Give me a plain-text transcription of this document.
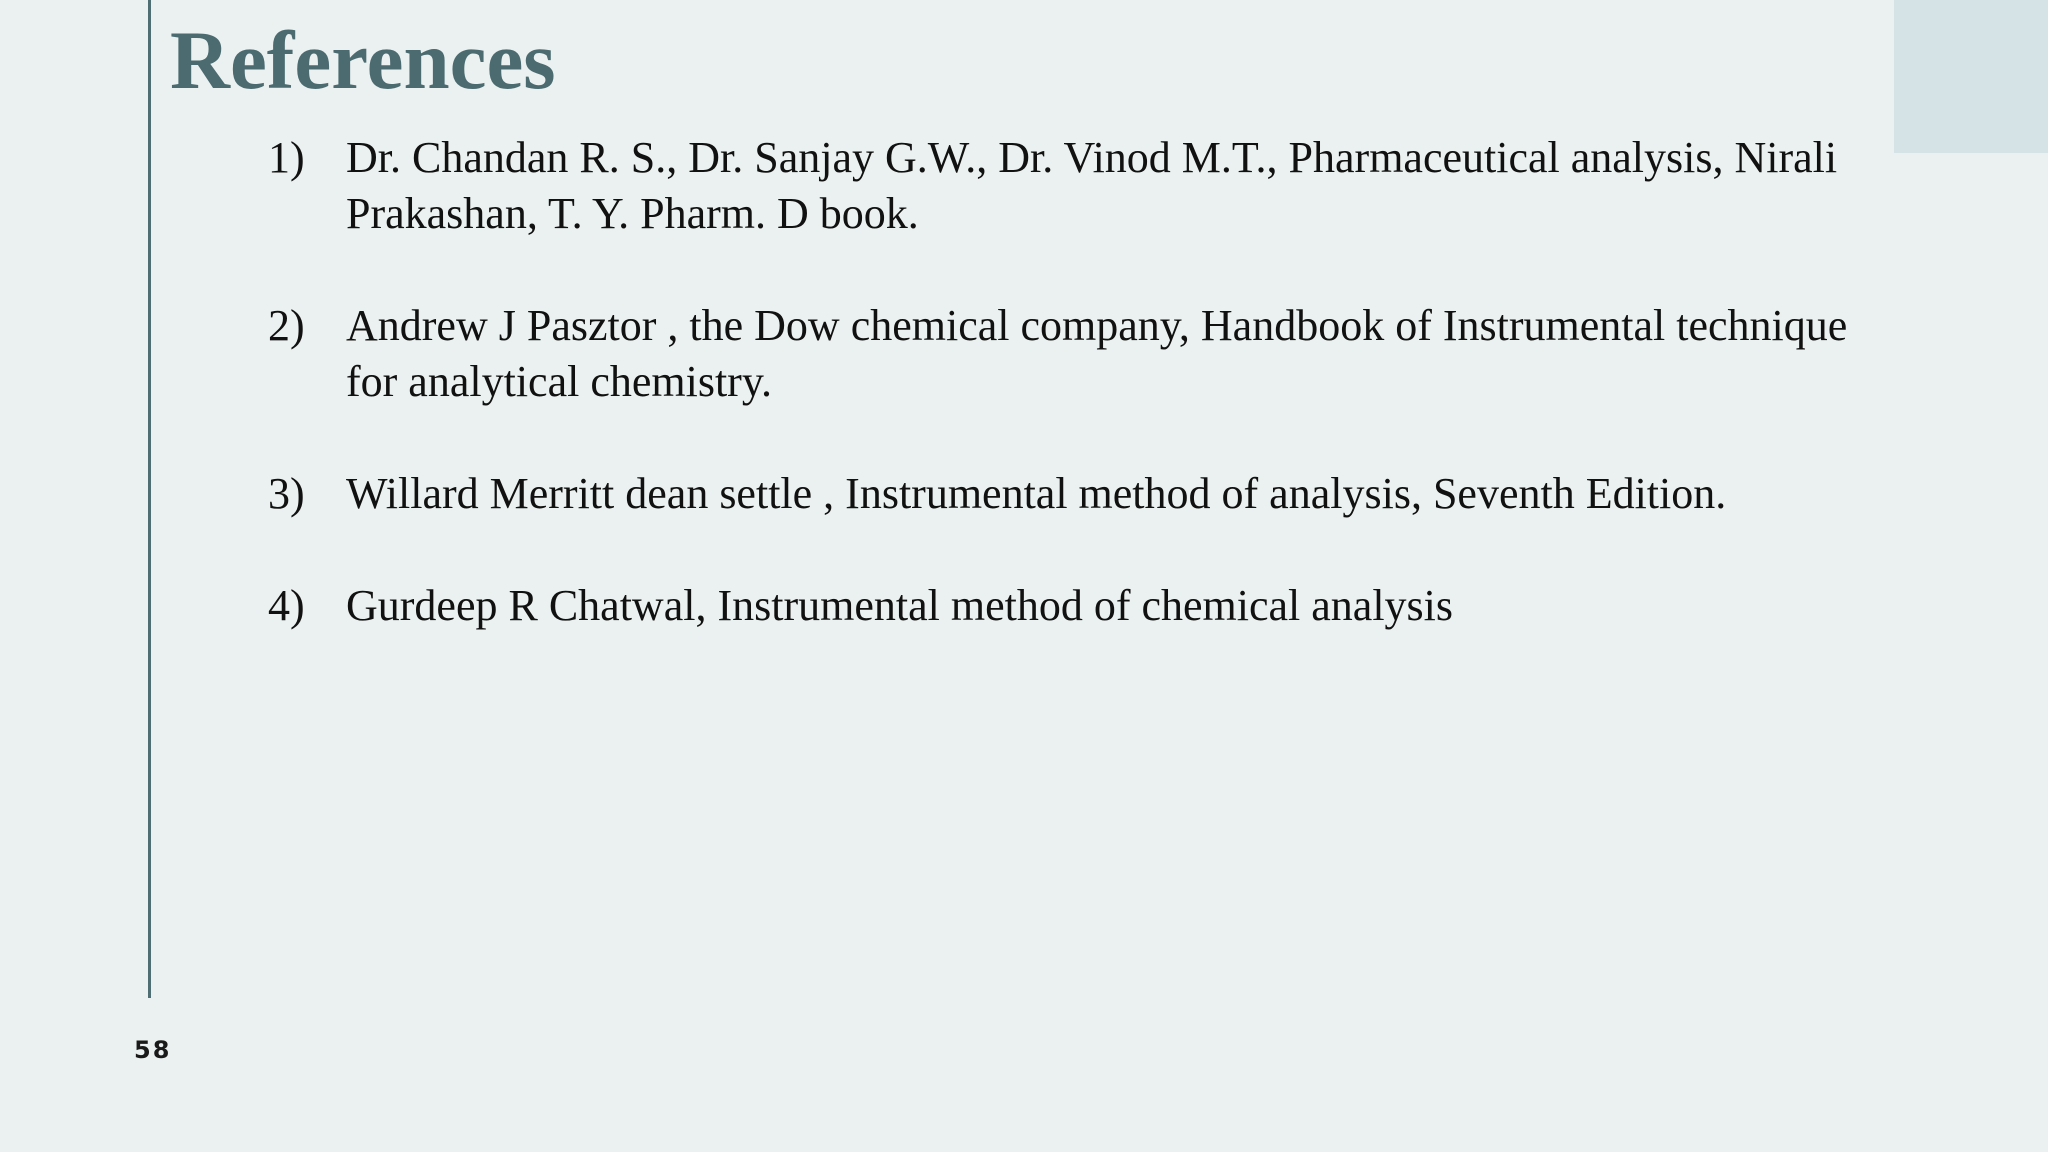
References
1) Dr. Chandan R. S., Dr. Sanjay G.W., Dr. Vinod M.T., Pharmaceutical analysis, Nirali Prakashan, T. Y. Pharm. D book.
2) Andrew J Pasztor , the Dow chemical company, Handbook of Instrumental technique for analytical chemistry.
3) Willard Merritt dean settle , Instrumental method of analysis, Seventh Edition.
4) Gurdeep R Chatwal, Instrumental method of chemical analysis
58
